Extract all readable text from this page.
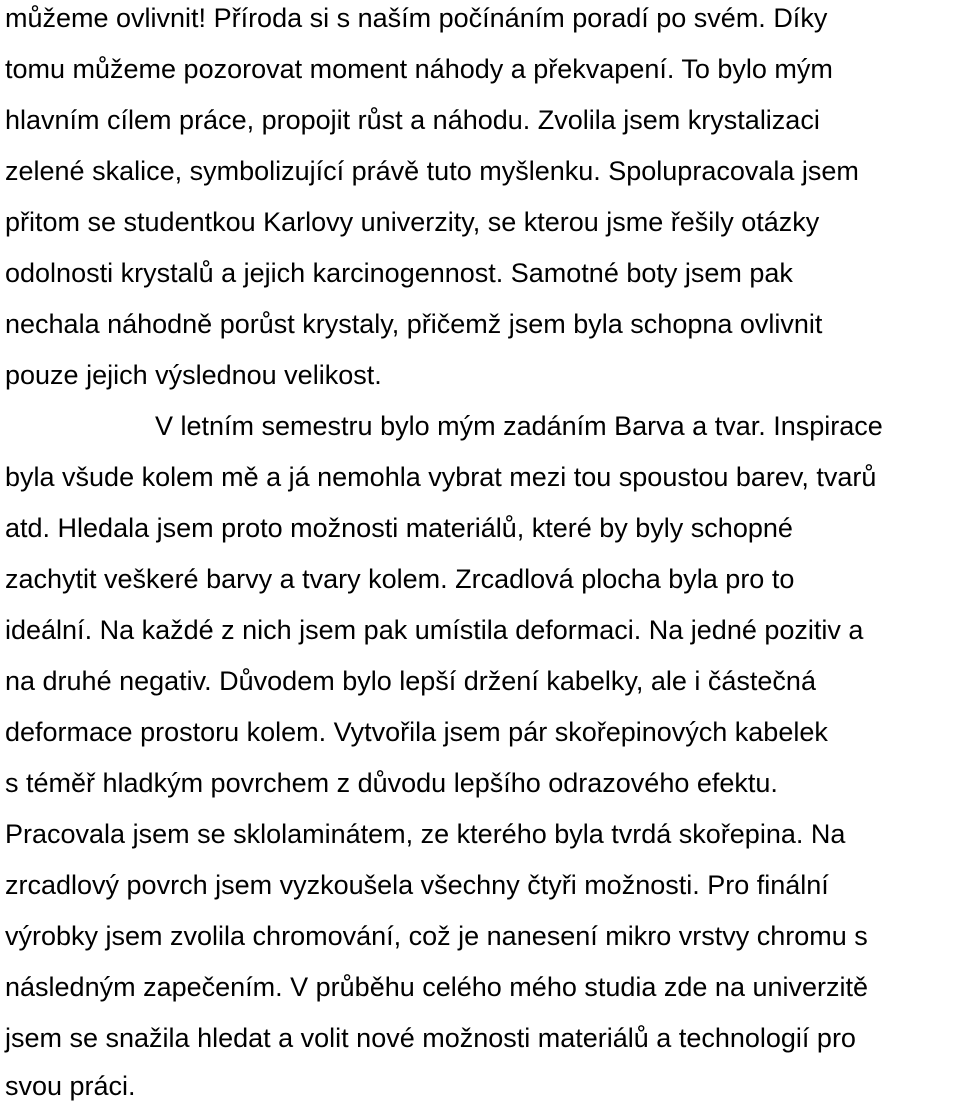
můžeme ovlivnit! Příroda si s naším počínáním poradí po svém. Díky
tomu můžeme pozorovat moment náhody a překvapení. To bylo mým
hlavním cílem práce, propojit růst a náhodu. Zvolila jsem krystalizaci
zelené skalice, symbolizující právě tuto myšlenku. Spolupracovala jsem
přitom se studentkou Karlovy univerzity, se kterou jsme řešily otázky
odolnosti krystalů a jejich karcinogennost. Samotné boty jsem pak
nechala náhodně porůst krystaly, přičemž jsem byla schopna ovlivnit
pouze jejich výslednou velikost.
V letním semestru bylo mým zadáním Barva a tvar. Inspirace
byla všude kolem mě a já nemohla vybrat mezi tou spoustou barev, tvarů
atd. Hledala jsem proto možnosti materiálů, které by byly schopné
zachytit veškeré barvy a tvary kolem. Zrcadlová plocha byla pro to
ideální. Na každé z nich jsem pak umístila deformaci. Na jedné pozitiv a
na druhé negativ. Důvodem bylo lepší držení kabelky, ale i částečná
deformace prostoru kolem. Vytvořila jsem pár skořepinových kabelek
s téměř hladkým povrchem z důvodu lepšího odrazového efektu.
Pracovala jsem se sklolaminátem, ze kterého byla tvrdá skořepina. Na
zrcadlový povrch jsem vyzkoušela všechny čtyři možnosti. Pro finální
výrobky jsem zvolila chromování, což je nanesení mikro vrstvy chromu s
následným zapečením. V průběhu celého mého studia zde na univerzitě
jsem se snažila hledat a volit nové možnosti materiálů a technologií pro
svou práci.
